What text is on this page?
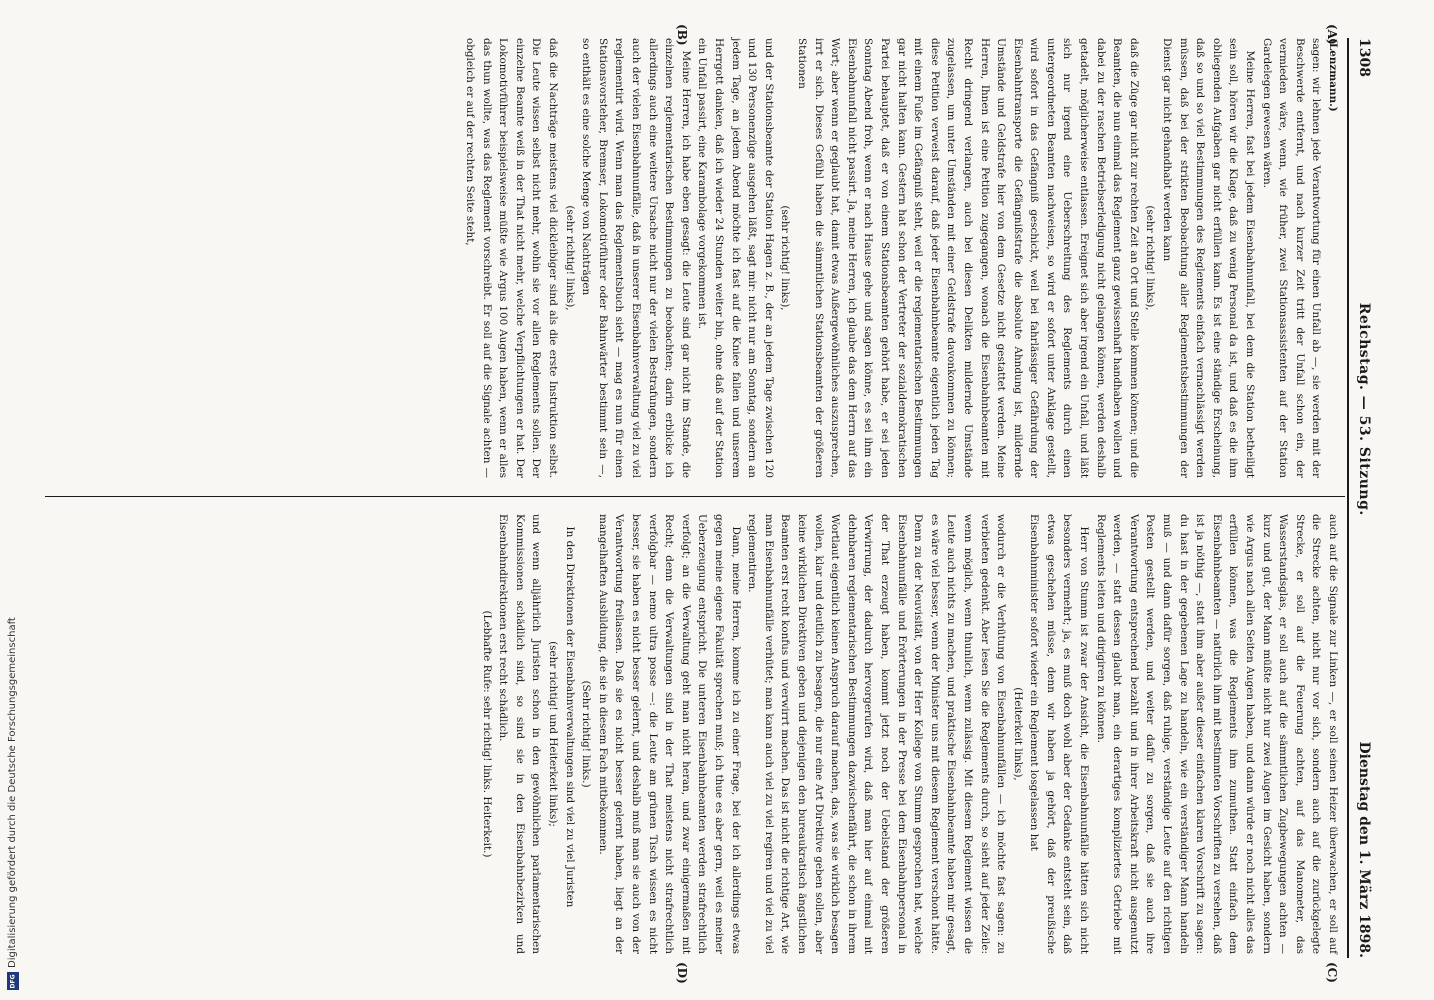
1308
Reichstag. — 53. Sitzung.
Dienstag den 1. März 1898.
(A)
(B)
(C)
(D)

(Lenzmann.)

sagen: wir lehnen jede Verantwortung für einen Unfall ab —, sie werden mit der Beschwerde entfernt, und nach kurzer Zeit tritt der Unfall schon ein, der vermieden wäre, wenn, wie früher, zwei Stationsassistenten auf der Station Gardelegen gewesen wären.

Meine Herren, fast bei jedem Eisenbahnunfall, bei dem die Station betheiligt sein soll, hören wir die Klage, daß zu wenig Personal da ist, und daß es die ihm obliegenden Aufgaben gar nicht erfüllen kann. Es ist eine ständige Erscheinung, daß so und so viel Bestimmungen des Reglements einfach vernachlässigt werden müssen, daß bei der strikten Beobachtung aller Reglementsbestimmungen der Dienst gar nicht gehandhabt werden kann

(sehr richtig! links),

daß die Züge gar nicht zur rechten Zeit an Ort und Stelle kommen können; und die Beamten, die nun einmal das Reglement ganz gewissenhaft handhaben wollen und dabei zu der raschen Betriebserledigung nicht gelangen können, werden deshalb getadelt, möglicherweise entlassen. Ereignet sich aber irgend ein Unfall, und läßt sich nur irgend eine Ueberschreitung des Reglements durch einen untergeordneten Beamten nachweisen, so wird er sofort unter Anklage gestellt, wird sofort in das Gefängniß geschickt, weil bei fahrlässiger Gefährdung der Eisenbahntransporte die Gefängnißstrafe die absolute Ahndung ist, mildernde Umstände und Geldstrafe hier von dem Gesetze nicht gestattet werden. Meine Herren, Ihnen ist eine Petition zugegangen, wonach die Eisenbahnbeamten mit Recht dringend verlangen, auch bei diesen Delikten mildernde Umstände zugelassen, um unter Umständen mit einer Geldstrafe davonkommen zu können; diese Petition verweist darauf, daß jeder Eisenbahnbeamte eigentlich jeden Tag mit einem Fuße im Gefängniß steht, weil er die reglementarischen Bestimmungen gar nicht halten kann. Gestern hat schon der Vertreter der sozialdemokratischen Partei behauptet, daß er von einem Stationsbeamten gehört habe, er sei jeden Sonntag Abend froh, wenn er nach Hause gehe und sagen könne, es sei ihm ein Eisenbahnunfall nicht passirt. Ja, meine Herren, ich glaube das dem Herrn auf das Wort; aber wenn er geglaubt hat, damit etwas Außergewöhnliches auszusprechen, irrt er sich. Dieses Gefühl haben die sämmtlichen Stationsbeamten der größeren Stationen

(sehr richtig! links),

und der Stationsbeamte der Station Hagen z. B., der an jedem Tage zwischen 120 und 130 Personenzüge ausgehen läßt, sagt mir: nicht nur am Sonntag, sondern an jedem Tage, an jedem Abend möchte ich fast auf die Kniee fallen und unserem Herrgott danken, daß ich wieder 24 Stunden weiter bin, ohne daß auf der Station ein Unfall passirt, eine Karambolage vorgekommen ist.

Meine Herren, ich habe eben gesagt: die Leute sind gar nicht im Stande, die einzelnen reglementarischen Bestimmungen zu beobachten; darin erblicke ich allerdings auch eine weitere Ursache nicht nur der vielen Bestrafungen, sondern auch der vielen Eisenbahnunfälle, daß in unserer Eisenbahnverwaltung viel zu viel reglementirt wird. Wenn man das Reglementsbuch sieht — mag es nun für einen Stationsvorsteher, Bremser, Lokomotivführer oder Bahnwärter bestimmt sein —, so enthält es eine solche Menge von Nachträgen

(sehr richtig! links),

daß die Nachträge meistens viel dickleibiger sind als die erste Instruktion selbst. Die Leute wissen selbst nicht mehr, wohin sie vor allen Reglements sollen. Der einzelne Beamte weiß in der That nicht mehr, welche Verpflichtungen er hat. Der Lokomotivführer beispielsweise müßte wie Argus 100 Augen haben, wenn er alles das thun wollte, was das Reglement vorschreibt. Er soll auf die Signale achten — obgleich er auf der rechten Seite steht,

auch auf die Signale zur Linken —, er soll seinen Heizer überwachen, er soll auf die Strecke achten, nicht nur vor sich, sondern auch auf die zurückgelegte Strecke, er soll auf die Feuerung achten, auf das Manometer, das Wasserstandsglas, er soll auch auf die sämmtlichen Zugbewegungen achten — kurz und gut, der Mann müßte nicht nur zwei Augen im Gesicht haben, sondern wie Argus nach allen Seiten Augen haben, und dann würde er noch nicht alles das erfüllen können, was die Reglements ihm zumuthen. Statt einfach dem Eisenbahnbeamten — natürlich ihm mit bestimmten Vorschriften zu versehen, daß ist ja nöthig —, statt ihm aber außer dieser einfachen klaren Vorschrift zu sagen: du hast in der gegebenen Lage zu handeln, wie ein verständiger Mann handeln muß — und dann dafür sorgen, daß ruhige, verständige Leute auf den richtigen Posten gestellt werden, und weiter dafür zu sorgen, daß sie auch ihre Verantwortung entsprechend bezahlt und in ihrer Arbeitskraft nicht ausgenutzt werden, — statt dessen glaubt man, ein derartiges kompliziertes Getriebe mit Reglements leiten und dirigiren zu können.

Herr von Stumm ist zwar der Ansicht, die Eisenbahnunfälle hätten sich nicht besonders vermehrt; ja, es muß doch wohl aber der Gedanke entsteht sein, daß etwas geschehen müsse, denn wir haben ja gehört, daß der preußische Eisenbahnminister sofort wieder ein Reglement losgelassen hat

(Heiterkeit links),

wodurch er die Verhütung von Eisenbahnunfällen — ich möchte fast sagen: zu verbieten gedenkt. Aber lesen Sie die Reglements durch, so sieht auf jeder Zeile: wenn möglich, wenn thunlich, wenn zulässig. Mit diesem Reglement wissen die Leute auch nichts zu machen, und praktische Eisenbahnbeamte haben mir gesagt, es wäre viel besser, wenn der Minister uns mit diesem Reglement verschont hätte. Denn zu der Neuvisität, von der Herr Kollege von Stumm gesprochen hat, welche Eisenbahnunfälle und Erörterungen in der Presse bei dem Eisenbahnpersonal in der That erzeugt haben, kommt jetzt noch der Uebelstand der größeren Verwirrung, der dadurch hervorgerufen wird, daß man hier auf einmal mit dehnbaren reglementarischen Bestimmungen dazwischenfährt, die schon in ihrem Wortlaut eigentlich keinen Anspruch darauf machen, das, was sie wirklich besagen wollen, klar und deutlich zu besagen, die nur eine Art Direktive geben sollen, aber keine wirklichen Direktiven geben und diejenigen den bureaukratisch ängstlichen Beamten erst recht konfus und verwirrt machen. Das ist nicht die richtige Art, wie man Eisenbahnunfälle verhütet; man kann auch viel zu viel regiren und viel zu viel reglementiren.

Dann, meine Herren, komme ich zu einer Frage, bei der ich allerdings etwas gegen meine eigene Fakultät sprechen muß; ich thue es aber gern, weil es meiner Ueberzeugung entspricht. Die unteren Eisenbahnbeamten werden strafrechtlich verfolgt; an die Verwaltung geht man nicht heran, und zwar einigermaßen mit Recht; denn die Verwaltungen sind in der That meistens nicht strafrechtlich verfolgbar — nemo ultra posse —: die Leute am grünen Tisch wissen es nicht besser, sie haben es nicht besser gelernt, und deshalb muß man sie auch von der Verantwortung freilassen. Daß sie es nicht besser gelernt haben, liegt an der mangelhaften Ausbildung, die sie in diesem Fach mitbekommen.

(Sehr richtig! links.)

In den Direktionen der Eisenbahnverwaltungen sind viel zu viel Juristen

(sehr richtig! und Heiterkeit links);

und wenn alljährlich Juristen schon in den gewöhnlichen parlamentarischen Kommissionen schädlich sind, so sind sie in den Eisenbahnbezirken und Eisenbahndirektionen erst recht schädlich.

(Lebhafte Rufe: sehr richtig! links. Heiterkeit.)

Digitalisierung gefördert durch die Deutsche Forschungsgemeinschaft
DFG
